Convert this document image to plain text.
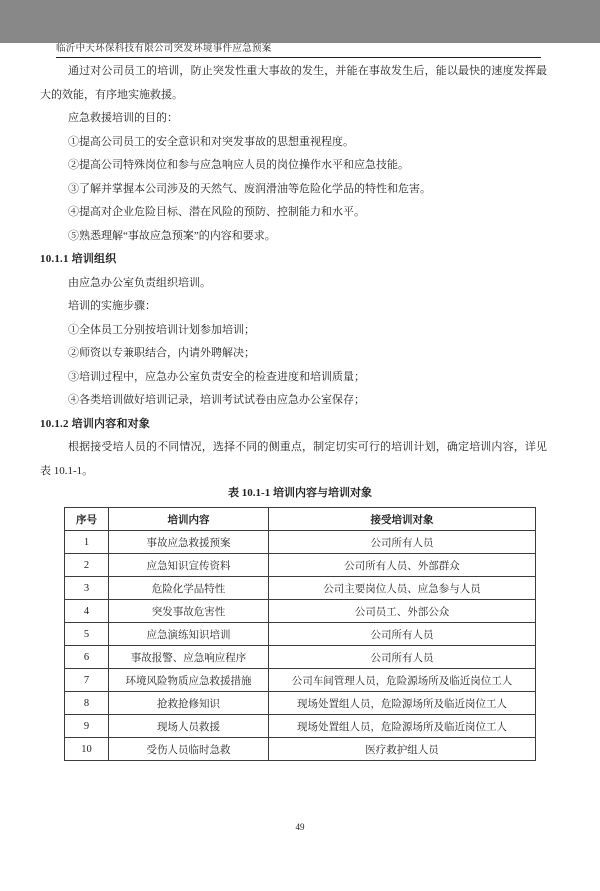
临沂中天环保科技有限公司突发环境事件应急预案

通过对公司员工的培训，防止突发性重大事故的发生，并能在事故发生后，能以最快的速度发挥最大的效能，有序地实施救援。

应急救援培训的目的：

①提高公司员工的安全意识和对突发事故的思想重视程度。

②提高公司特殊岗位和参与应急响应人员的岗位操作水平和应急技能。

③了解并掌握本公司涉及的天然气、废润滑油等危险化学品的特性和危害。

④提高对企业危险目标、潜在风险的预防、控制能力和水平。

⑤熟悉理解“事故应急预案”的内容和要求。

10.1.1 培训组织

由应急办公室负责组织培训。

培训的实施步骤：

①全体员工分别按培训计划参加培训；

②师资以专兼职结合，内请外聘解决；

③培训过程中，应急办公室负责安全的检查进度和培训质量；

④各类培训做好培训记录，培训考试试卷由应急办公室保存；

10.1.2 培训内容和对象

根据接受培人员的不同情况，选择不同的侧重点，制定切实可行的培训计划，确定培训内容，详见表 10.1-1。

表 10.1-1 培训内容与培训对象
序号	培训内容	接受培训对象
1	事故应急救援预案	公司所有人员
2	应急知识宣传资料	公司所有人员、外部群众
3	危险化学品特性	公司主要岗位人员、应急参与人员
4	突发事故危害性	公司员工、外部公众
5	应急演练知识培训	公司所有人员
6	事故报警、应急响应程序	公司所有人员
7	环境风险物质应急救援措施	公司车间管理人员，危险源场所及临近岗位工人
8	抢救抢修知识	现场处置组人员，危险源场所及临近岗位工人
9	现场人员救援	现场处置组人员，危险源场所及临近岗位工人
10	受伤人员临时急救	医疗救护组人员
49
